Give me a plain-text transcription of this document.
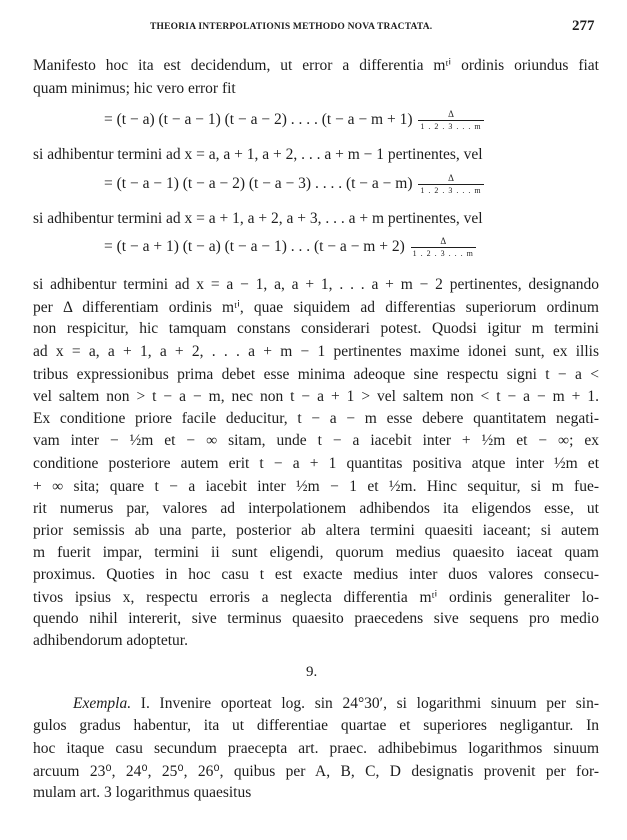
THEORIA INTERPOLATIONIS METHODO NOVA TRACTATA.	277
Manifesto hoc ita est decidendum, ut error a differentia mᵗⁱ ordinis oriundus fiat
quam minimus; hic vero error fit
= (t − a) (t − a − 1) (t − a − 2) . . . . $(t - a - m + 1) \frac{\Delta}{1 . 2 . 3 . . . m}$
si adhibentur termini ad x = a, a + 1, a + 2, . . . a + m − 1 pertinentes, vel
= (t − a − 1) (t − a − 2) (t − a − 3) . . . . $(t - a - m) \frac{\Delta}{1 . 2 . 3 . . . m}$
si adhibentur termini ad x = a + 1, a + 2, a + 3, . . . a + m pertinentes, vel
= (t − a + 1) (t − a) (t − a − 1) . . . $(t - a - m + 2) \frac{\Delta}{1 . 2 . 3 . . . m}$
si adhibentur termini ad x = a − 1, a, a + 1, . . . a + m − 2 pertinentes, designando
per Δ differentiam ordinis mᵗⁱ, quae siquidem ad differentias superiorum ordinum
non respicitur, hic tamquam constans considerari potest. Quodsi igitur m termini
ad x = a, a + 1, a + 2, . . . a + m − 1 pertinentes maxime idonei sunt, ex illis
tribus expressionibus prima debet esse minima adeoque sine respectu signi t − a <
vel saltem non > t − a − m, nec non t − a + 1 > vel saltem non < t − a − m + 1.
Ex conditione priore facile deducitur, t − a − m esse debere quantitatem negati-
vam inter − ½m et − ∞ sitam, unde t − a iacebit inter + ½m et − ∞; ex
conditione posteriore autem erit t − a + 1 quantitas positiva atque inter ½m et
+ ∞ sita; quare t − a iacebit inter ½m − 1 et ½m. Hinc sequitur, si m fue-
rit numerus par, valores ad interpolationem adhibendos ita eligendos esse, ut
prior semissis ab una parte, posterior ab altera termini quaesiti iaceant; si autem
m fuerit impar, termini ii sunt eligendi, quorum medius quaesito iaceat quam
proximus. Quoties in hoc casu t est exacte medius inter duos valores consecu-
tivos ipsius x, respectu erroris a neglecta differentia mᵗⁱ ordinis generaliter lo-
quendo nihil intererit, sive terminus quaesito praecedens sive sequens pro medio
adhibendorum adoptetur.
9.
Exempla. I. Invenire oporteat log. sin 24°30′, si logarithmi sinuum per sin-
gulos gradus habentur, ita ut differentiae quartae et superiores negligantur. In
hoc itaque casu secundum praecepta art. praec. adhibebimus logarithmos sinuum
arcuum 23⁰, 24⁰, 25⁰, 26⁰, quibus per A, B, C, D designatis provenit per for-
mulam art. 3 logarithmus quaesitus
